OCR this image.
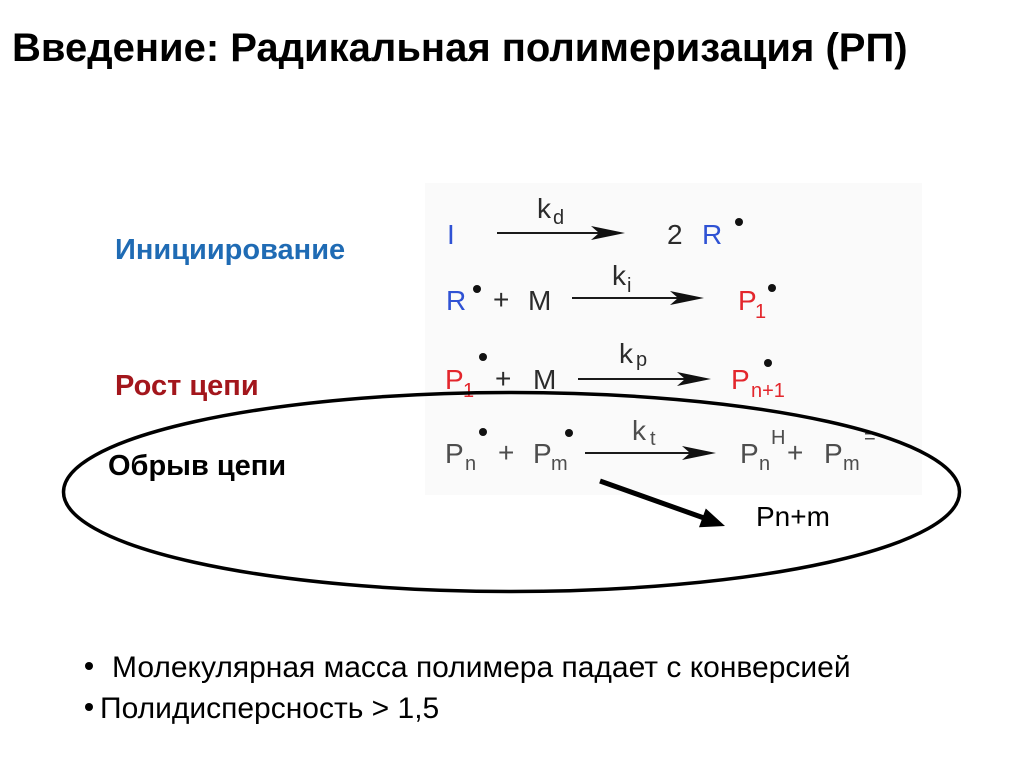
I
k d
2 R
R + M
k i	P
1
P 1 + M
k p
P n+1
P n + P m
k t	P n
H + P m
=
Pn+m
Введение: Радикальная полимеризация (РП)
Инициирование
Рост цепи
Обрыв цепи
Молекулярная масса полимера падает с конверсией
Полидисперсность > 1,5
